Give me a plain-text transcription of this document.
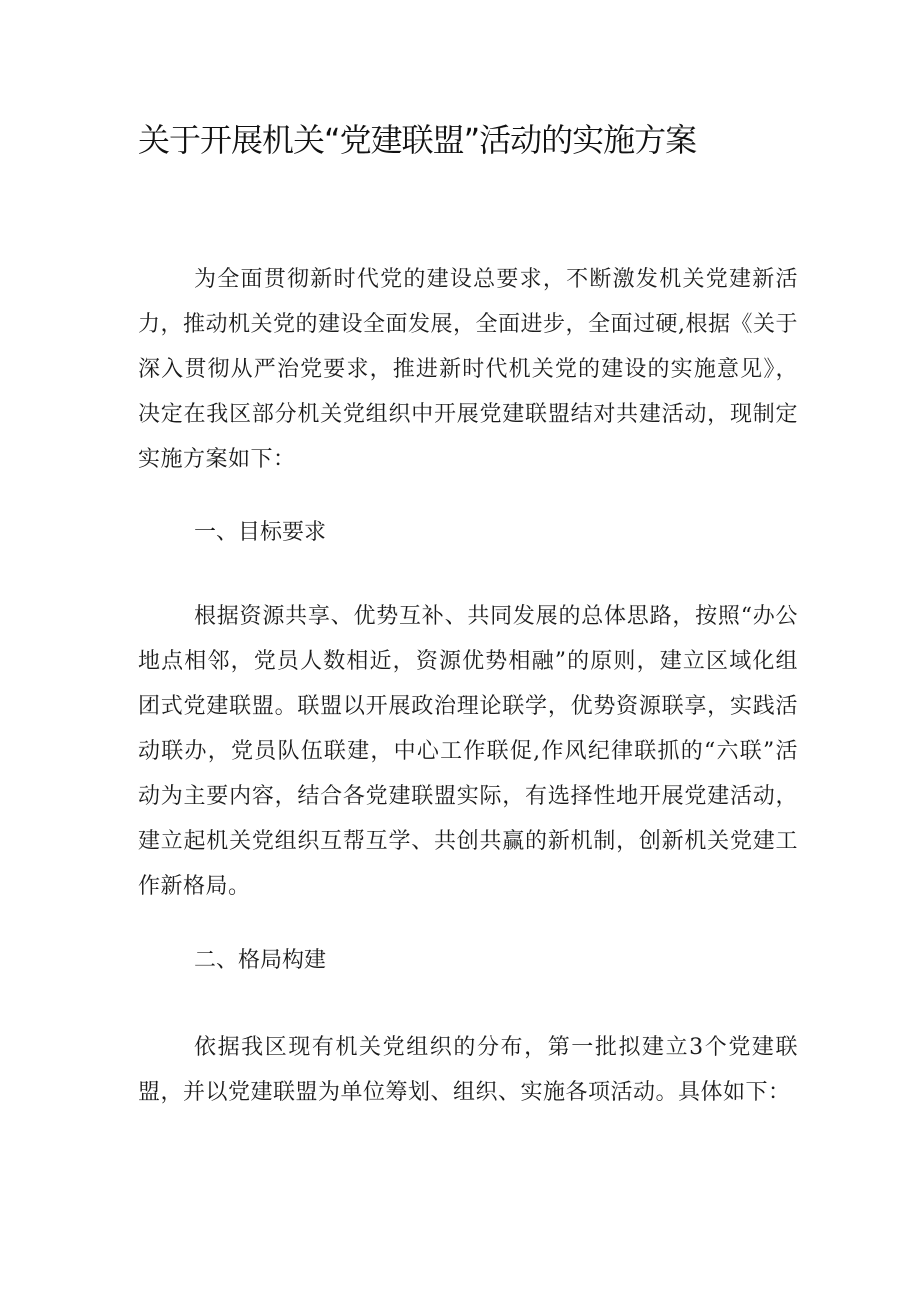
关于开展机关“党建联盟”活动的实施方案

为全面贯彻新时代党的建设总要求，不断激发机关党建新活力，推动机关党的建设全面发展，全面进步，全面过硬,根据《关于深入贯彻从严治党要求，推进新时代机关党的建设的实施意见》，决定在我区部分机关党组织中开展党建联盟结对共建活动，现制定实施方案如下：

一、目标要求

根据资源共享、优势互补、共同发展的总体思路，按照“办公地点相邻，党员人数相近，资源优势相融”的原则，建立区域化组团式党建联盟。联盟以开展政治理论联学，优势资源联享，实践活动联办，党员队伍联建，中心工作联促,作风纪律联抓的“六联”活动为主要内容，结合各党建联盟实际，有选择性地开展党建活动，建立起机关党组织互帮互学、共创共赢的新机制，创新机关党建工作新格局。

二、格局构建

依据我区现有机关党组织的分布，第一批拟建立3个党建联盟，并以党建联盟为单位筹划、组织、实施各项活动。具体如下：
